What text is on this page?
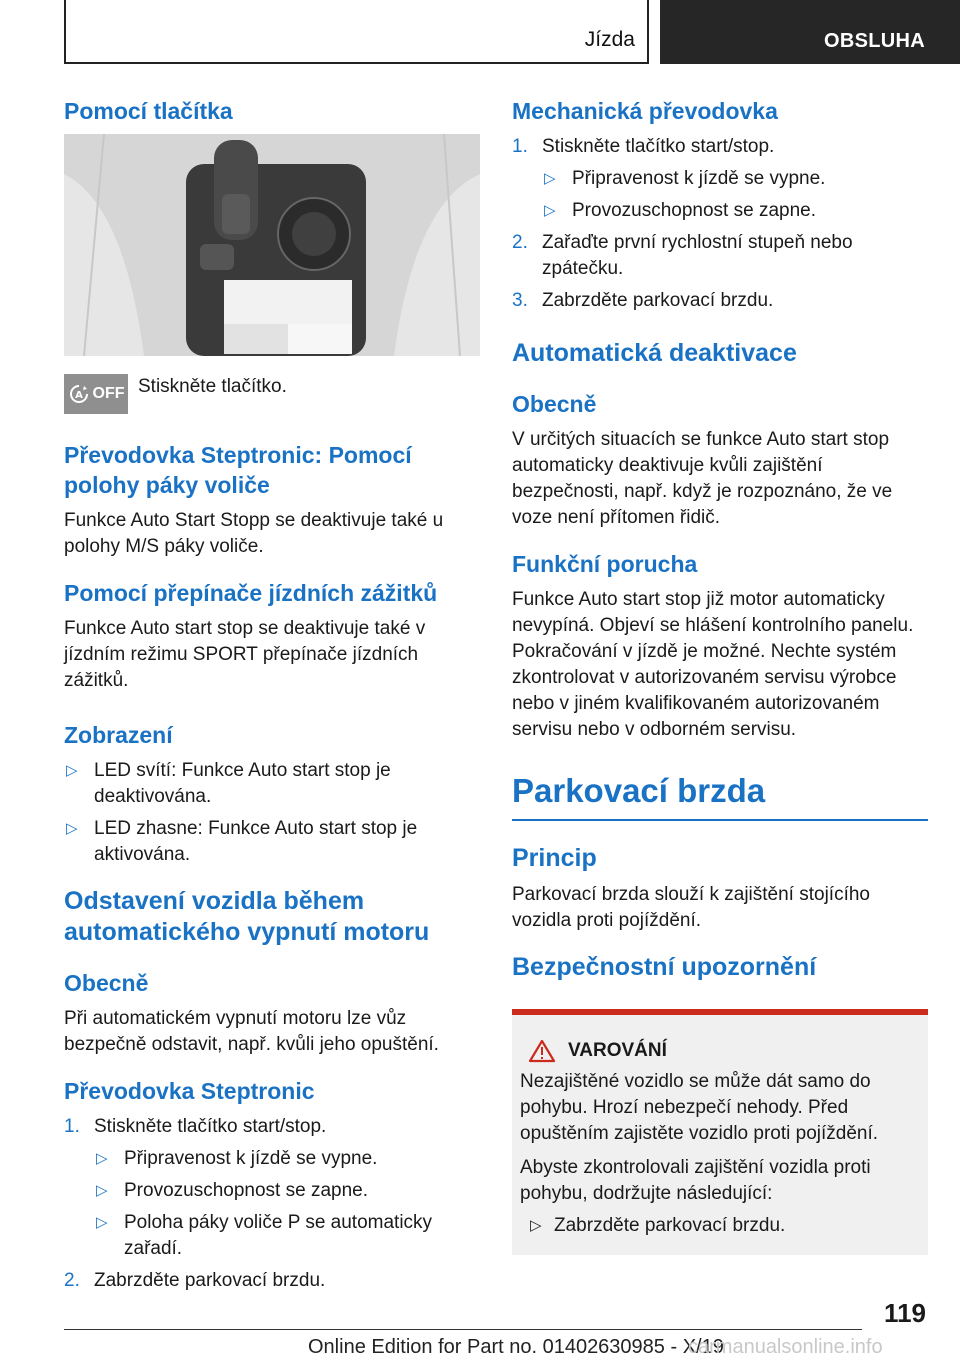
Jízda	OBSLUHA
Pomocí tlačítka
A OFF Stiskněte tlačítko.

Převodovka Steptronic: Pomocí polohy páky voliče

Funkce Auto Start Stopp se deaktivuje také u polohy M/S páky voliče.

Pomocí přepínače jízdních zážitků

Funkce Auto start stop se deaktivuje také v jízdním režimu SPORT přepínače jízdních zážitků.

Zobrazení
▷ LED svítí: Funkce Auto start stop je deaktivována.
▷ LED zhasne: Funkce Auto start stop je aktivována.
Odstavení vozidla během automatického vypnutí motoru
Obecně

Při automatickém vypnutí motoru lze vůz bezpečně odstavit, např. kvůli jeho opuštění.

Převodovka Steptronic
1. Stiskněte tlačítko start/stop.
▷ Připravenost k jízdě se vypne.
▷ Provozuschopnost se zapne.
▷ Poloha páky voliče P se automaticky zařadí.
2. Zabrzděte parkovací brzdu.
Mechanická převodovka
1. Stiskněte tlačítko start/stop.
▷ Připravenost k jízdě se vypne.
▷ Provozuschopnost se zapne.
2. Zařaďte první rychlostní stupeň nebo zpátečku.
3. Zabrzděte parkovací brzdu.
Automatická deaktivace
Obecně

V určitých situacích se funkce Auto start stop automaticky deaktivuje kvůli zajištění bezpečnosti, např. když je rozpoznáno, že ve voze není přítomen řidič.

Funkční porucha

Funkce Auto start stop již motor automaticky nevypíná. Objeví se hlášení kontrolního panelu. Pokračování v jízdě je možné. Nechte systém zkontrolovat v autorizovaném servisu výrobce nebo v jiném kvalifikovaném autorizovaném servisu nebo v odborném servisu.

Parkovací brzda
Princip

Parkovací brzda slouží k zajištění stojícího vozidla proti pojíždění.

Bezpečnostní upozornění
VAROVÁNÍ

Nezajištěné vozidlo se může dát samo do pohybu. Hrozí nebezpečí nehody. Před opuštěním zajistěte vozidlo proti pojíždění.

Abyste zkontrolovali zajištění vozidla proti pohybu, dodržujte následující:

▷ Zabrzděte parkovací brzdu.
119
Online Edition for Part no. 01402630985 - X/19
carmanualsonline.info
